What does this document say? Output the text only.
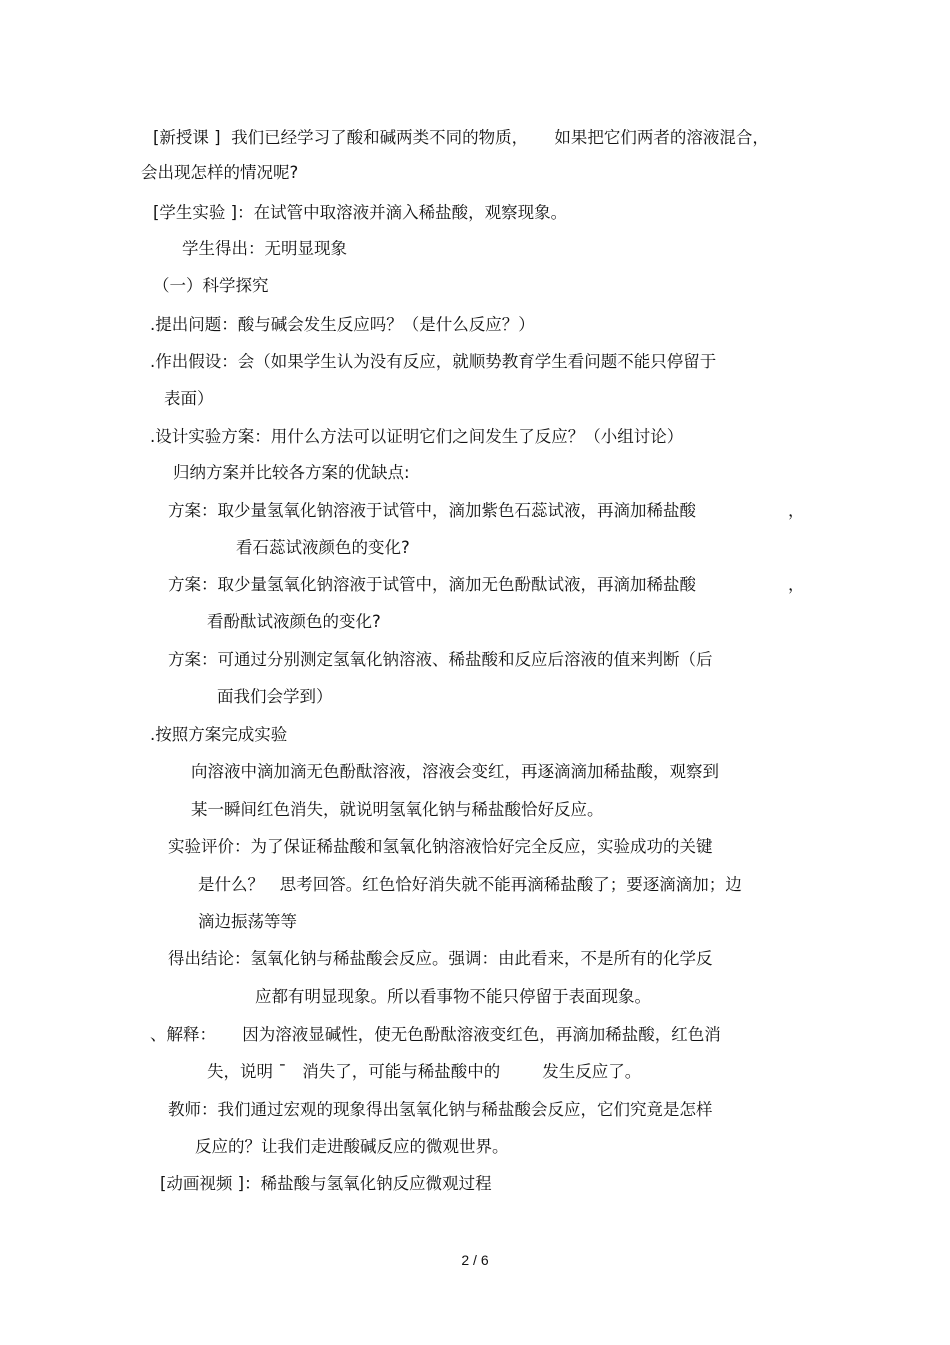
[新授课 ]  我们已经学习了酸和碱两类不同的物质，     如果把它们两者的溶液混合，
会出现怎样的情况呢?
[学生实验 ]：在试管中取溶液并滴入稀盐酸，观察现象。
学生得出：无明显现象
（一）科学探究
.提出问题：酸与碱会发生反应吗？（是什么反应？）
.作出假设：会（如果学生认为没有反应，就顺势教育学生看问题不能只停留于
表面）
.设计实验方案：用什么方法可以证明它们之间发生了反应？（小组讨论）
归纳方案并比较各方案的优缺点:
方案：取少量氢氧化钠溶液于试管中，滴加紫色石蕊试液，再滴加稀盐酸	，
看石蕊试液颜色的变化?
方案：取少量氢氧化钠溶液于试管中，滴加无色酚酞试液，再滴加稀盐酸	，
看酚酞试液颜色的变化?
方案：可通过分别测定氢氧化钠溶液、稀盐酸和反应后溶液的值来判断（后
面我们会学到）
.按照方案完成实验
向溶液中滴加滴无色酚酞溶液，溶液会变红，再逐滴滴加稀盐酸，观察到
某一瞬间红色消失，就说明氢氧化钠与稀盐酸恰好反应。
实验评价：为了保证稀盐酸和氢氧化钠溶液恰好完全反应，实验成功的关键
是什么？   思考回答。红色恰好消失就不能再滴稀盐酸了；要逐滴滴加；边
滴边振荡等等
得出结论：氢氧化钠与稀盐酸会反应。强调：由此看来，不是所有的化学反
应都有明显现象。所以看事物不能只停留于表面现象。
、解释：     因为溶液显碱性，使无色酚酞溶液变红色，再滴加稀盐酸，红色消
失，说明 ¯   消失了，可能与稀盐酸中的        发生反应了。
教师：我们通过宏观的现象得出氢氧化钠与稀盐酸会反应，它们究竟是怎样
反应的？让我们走进酸碱反应的微观世界。
[动画视频 ]：稀盐酸与氢氧化钠反应微观过程
2 / 6
